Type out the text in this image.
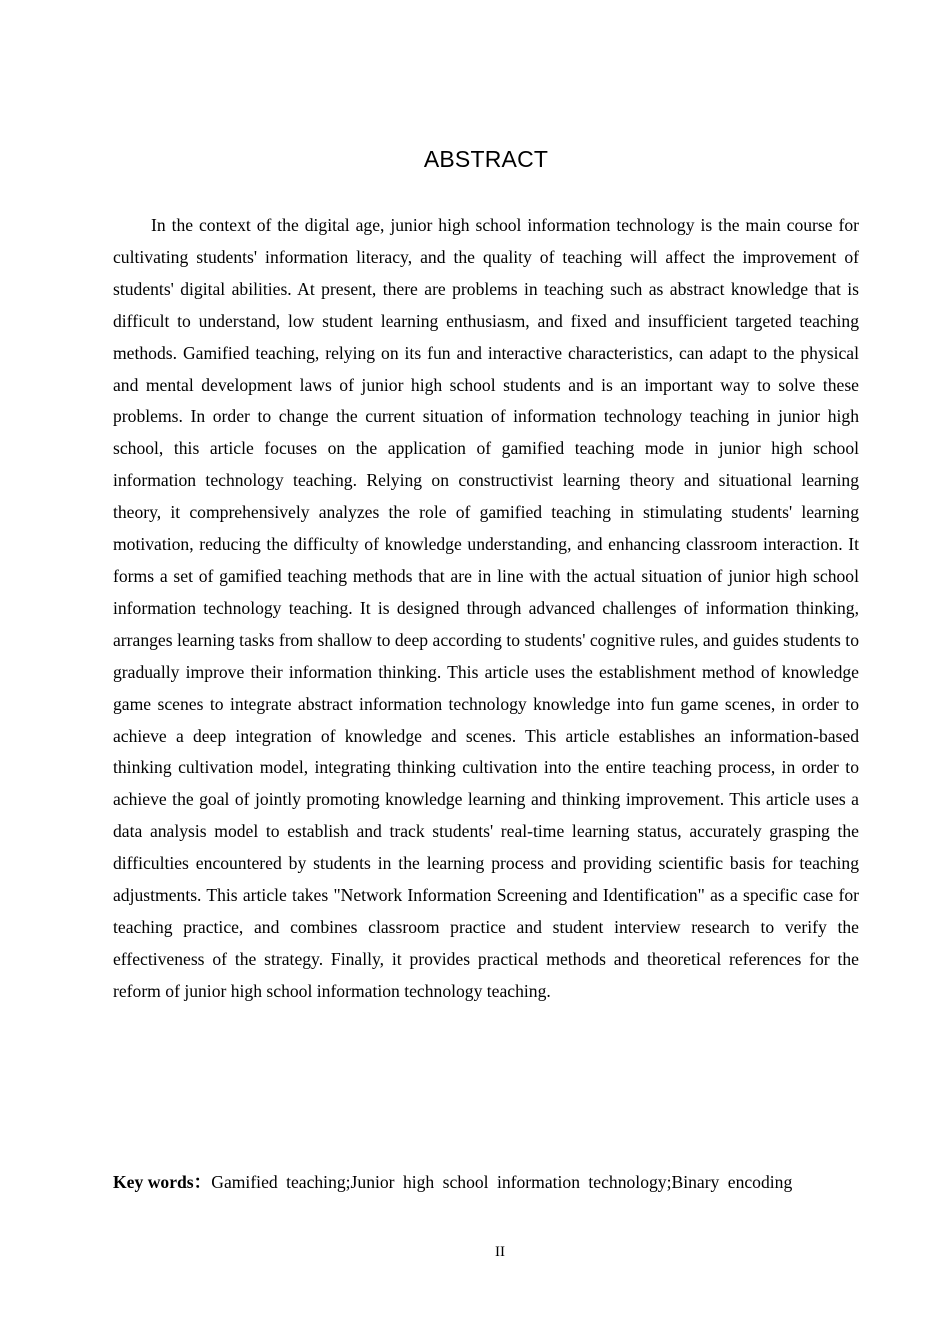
ABSTRACT

In the context of the digital age, junior high school information technology is the main course for cultivating students' information literacy, and the quality of teaching will affect the improvement of students' digital abilities. At present, there are problems in teaching such as abstract knowledge that is difficult to understand, low student learning enthusiasm, and fixed and insufficient targeted teaching methods. Gamified teaching, relying on its fun and interactive characteristics, can adapt to the physical and mental development laws of junior high school students and is an important way to solve these problems. In order to change the current situation of information technology teaching in junior high school, this article focuses on the application of gamified teaching mode in junior high school information technology teaching. Relying on constructivist learning theory and situational learning theory, it comprehensively analyzes the role of gamified teaching in stimulating students' learning motivation, reducing the difficulty of knowledge understanding, and enhancing classroom interaction. It forms a set of gamified teaching methods that are in line with the actual situation of junior high school information technology teaching. It is designed through advanced challenges of information thinking, arranges learning tasks from shallow to deep according to students' cognitive rules, and guides students to gradually improve their information thinking. This article uses the establishment method of knowledge game scenes to integrate abstract information technology knowledge into fun game scenes, in order to achieve a deep integration of knowledge and scenes. This article establishes an information-based thinking cultivation model, integrating thinking cultivation into the entire teaching process, in order to achieve the goal of jointly promoting knowledge learning and thinking improvement. This article uses a data analysis model to establish and track students' real-time learning status, accurately grasping the difficulties encountered by students in the learning process and providing scientific basis for teaching adjustments. This article takes "Network Information Screening and Identification" as a specific case for teaching practice, and combines classroom practice and student interview research to verify the effectiveness of the strategy. Finally, it provides practical methods and theoretical references for the reform of junior high school information technology teaching.

Key words：Gamified teaching;Junior high school information technology;Binary encoding

II
